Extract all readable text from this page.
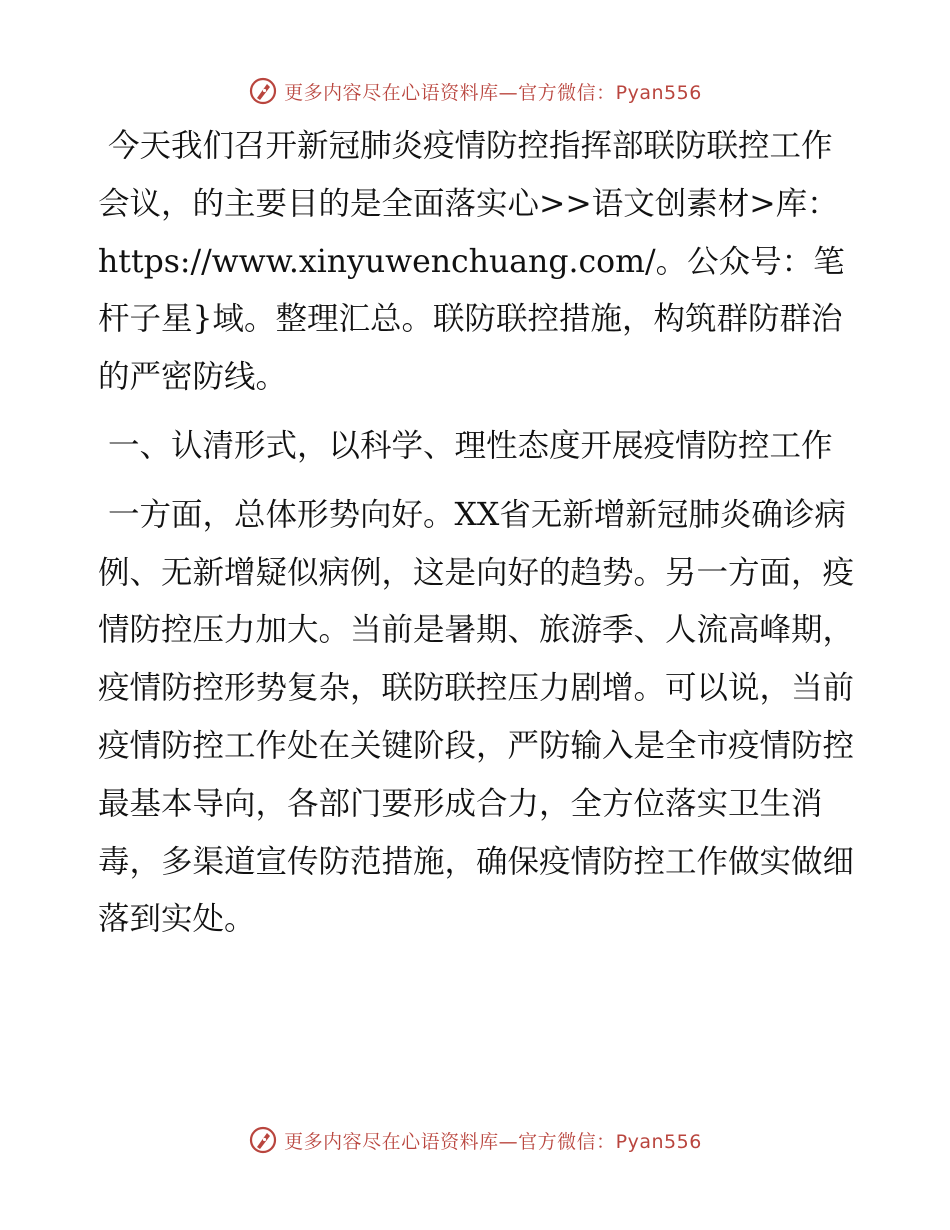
更多内容尽在心语资料库—官方微信：Pyan556

今天我们召开新冠肺炎疫情防控指挥部联防联控工作会议，的主要目的是全面落实心>>语文创素材>库：https://www.xinyuwenchuang.com/。公众号：笔杆子星}域。整理汇总。联防联控措施，构筑群防群治的严密防线。

一、认清形式，以科学、理性态度开展疫情防控工作

一方面，总体形势向好。XX省无新增新冠肺炎确诊病例、无新增疑似病例，这是向好的趋势。另一方面，疫情防控压力加大。当前是暑期、旅游季、人流高峰期，疫情防控形势复杂，联防联控压力剧增。可以说，当前疫情防控工作处在关键阶段，严防输入是全市疫情防控最基本导向，各部门要形成合力，全方位落实卫生消毒，多渠道宣传防范措施，确保疫情防控工作做实做细落到实处。

更多内容尽在心语资料库—官方微信：Pyan556
